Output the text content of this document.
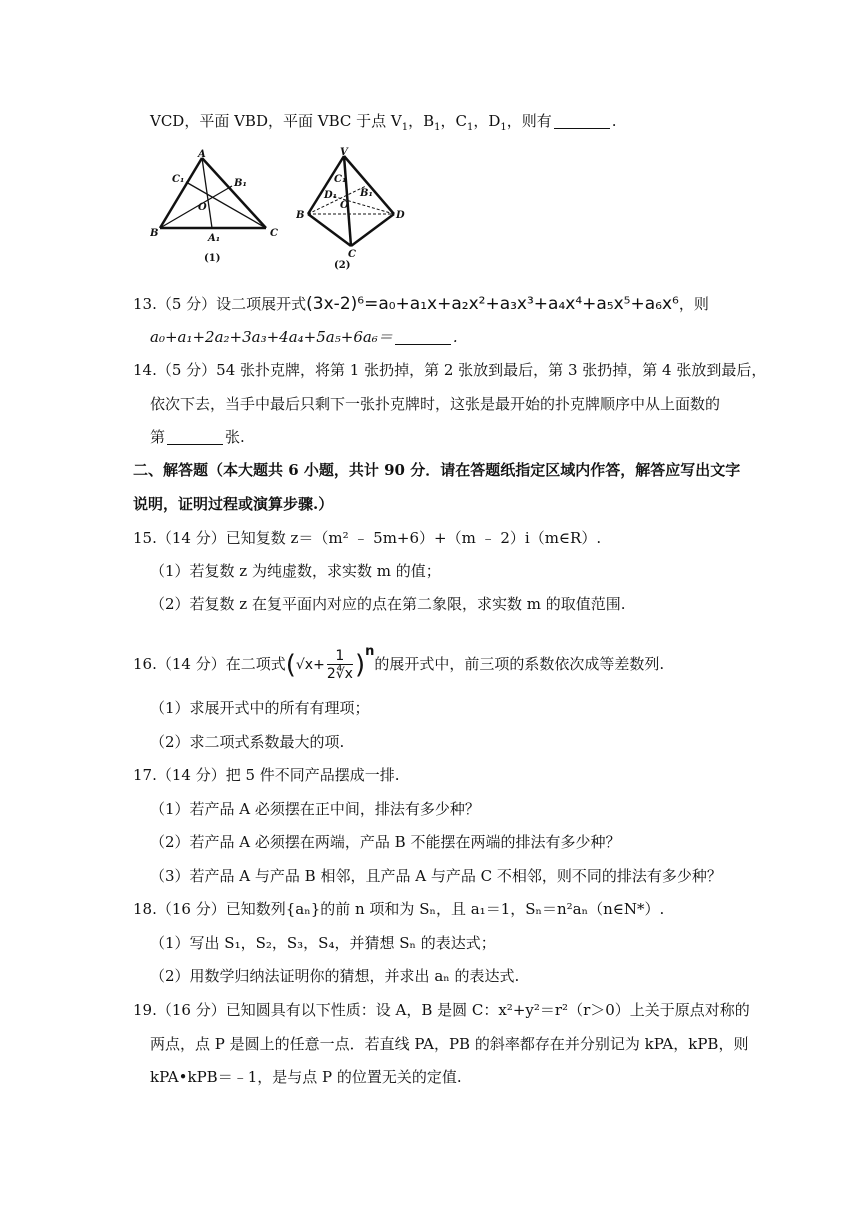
VCD，平面 VBD，平面 VBC 于点 $V_1$，$B_1$，$C_1$，$D_1$，则有	.
A
C₁	B₁
O
B	A₁	C
(1)
V
C₁
D₁ B₁
O
B	D
C
(2)
13.（5 分）设二项展开式(3x-2)⁶=a₀+a₁x+a₂x²+a₃x³+a₄x⁴+a₅x⁵+a₆x⁶，则
a₀+a₁+2a₂+3a₃+4a₄+5a₅+6a₆＝	.
14.（5 分）54 张扑克牌，将第 1 张扔掉，第 2 张放到最后，第 3 张扔掉，第 4 张放到最后，
依次下去，当手中最后只剩下一张扑克牌时，这张是最开始的扑克牌顺序中从上面数的
第	张.
二、解答题（本大题共 6 小题，共计 90 分．请在答题纸指定区域内作答，解答应写出文字
说明，证明过程或演算步骤.）
15.（14 分）已知复数 z＝（m² ﹣ 5m+6）+（m ﹣ 2）i（m∈R）.
（1）若复数 z 为纯虚数，求实数 m 的值；
（2）若复数 z 在复平面内对应的点在第二象限，求实数 m 的取值范围.
16.（14 分）在二项式$(√x+ \frac{1}{2∜x} )^n$的展开式中，前三项的系数依次成等差数列.
（1）求展开式中的所有有理项；
（2）求二项式系数最大的项.
17.（14 分）把 5 件不同产品摆成一排.
（1）若产品 A 必须摆在正中间，排法有多少种？
（2）若产品 A 必须摆在两端，产品 B 不能摆在两端的排法有多少种？
（3）若产品 A 与产品 B 相邻，且产品 A 与产品 C 不相邻，则不同的排法有多少种？
18.（16 分）已知数列{aₙ}的前 n 项和为 Sₙ，且 a₁＝1，Sₙ＝n²aₙ（n∈N*）.
（1）写出 S₁，S₂，S₃，S₄，并猜想 Sₙ 的表达式；
（2）用数学归纳法证明你的猜想，并求出 aₙ 的表达式.
19.（16 分）已知圆具有以下性质：设 A，B 是圆 C：x²+y²＝r²（r＞0）上关于原点对称的
两点，点 P 是圆上的任意一点．若直线 PA，PB 的斜率都存在并分别记为 kPA，kPB，则
kPA•kPB＝﹣1，是与点 P 的位置无关的定值.
